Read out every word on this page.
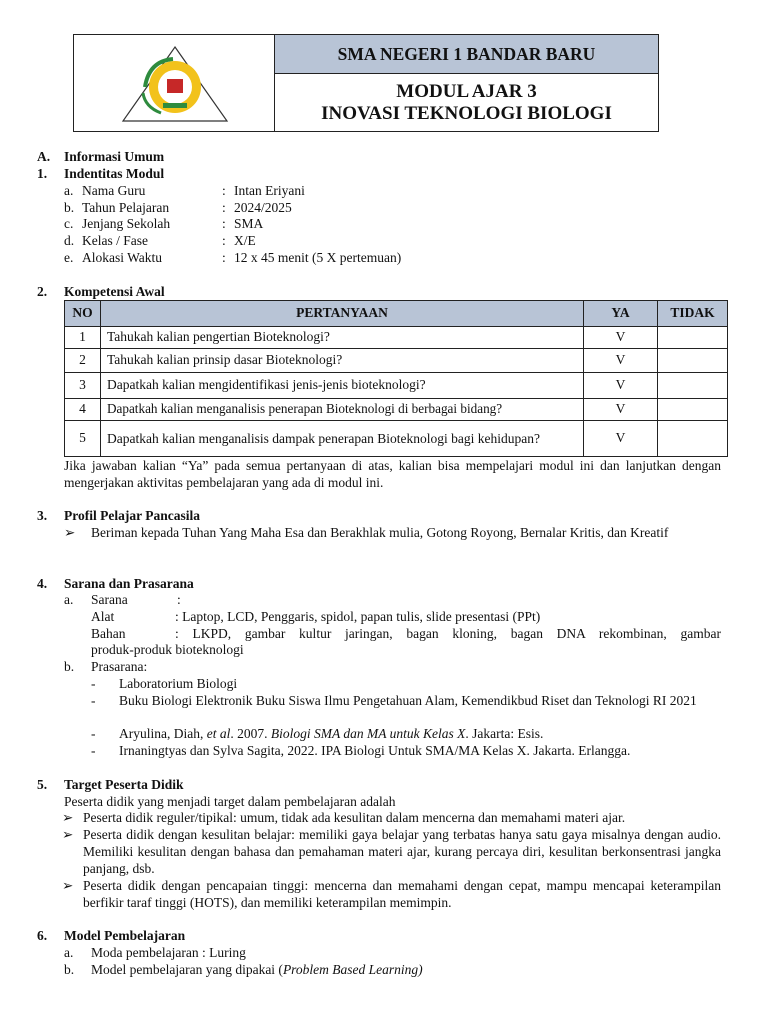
SMA NEGERI 1 BANDAR BARU
MODUL AJAR 3
INOVASI TEKNOLOGI BIOLOGI
A. Informasi Umum
1. Indentitas Modul
a. Nama Guru	: Intan Eriyani
b. Tahun Pelajaran	: 2024/2025
c. Jenjang Sekolah	: SMA
d. Kelas / Fase	: X/E
e. Alokasi Waktu	: 12 x 45 menit (5 X pertemuan)
2. Kompetensi Awal
NO	PERTANYAAN	YA	TIDAK
1	Tahukah kalian pengertian Bioteknologi?	V	
2	Tahukah kalian prinsip dasar Bioteknologi?	V	
3	Dapatkah kalian mengidentifikasi jenis-jenis bioteknologi?	V	
4	Dapatkah kalian menganalisis penerapan Bioteknologi di berbagai bidang?	V	
5	Dapatkah kalian menganalisis dampak penerapan Bioteknologi bagi kehidupan?	V	
Jika jawaban kalian “Ya” pada semua pertanyaan di atas, kalian bisa mempelajari modul ini dan lanjutkan dengan mengerjakan aktivitas pembelajaran yang ada di modul ini.
3. Profil Pelajar Pancasila
➢ Beriman kepada Tuhan Yang Maha Esa dan Berakhlak mulia, Gotong Royong, Bernalar Kritis, dan Kreatif
4. Sarana dan Prasarana
a. Sarana	:
Alat	: Laptop, LCD, Penggaris, spidol, papan tulis, slide presentasi (PPt)
Bahan	: LKPD, gambar kultur jaringan, bagan kloning, bagan DNA rekombinan, gambar
produk-produk bioteknologi
b. Prasarana:
- Laboratorium Biologi
- Buku Biologi Elektronik Buku Siswa Ilmu Pengetahuan Alam, Kemendikbud Riset dan Teknologi RI 2021
- Aryulina, Diah, et al. 2007. Biologi SMA dan MA untuk Kelas X. Jakarta: Esis.
- Irnaningtyas dan Sylva Sagita, 2022. IPA Biologi Untuk SMA/MA Kelas X. Jakarta. Erlangga.
5. Target Peserta Didik
Peserta didik yang menjadi target dalam pembelajaran adalah
➢ Peserta didik reguler/tipikal: umum, tidak ada kesulitan dalam mencerna dan memahami materi ajar.
➢ Peserta didik dengan kesulitan belajar: memiliki gaya belajar yang terbatas hanya satu gaya misalnya dengan audio. Memiliki kesulitan dengan bahasa dan pemahaman materi ajar, kurang percaya diri, kesulitan berkonsentrasi jangka panjang, dsb.
➢ Peserta didik dengan pencapaian tinggi: mencerna dan memahami dengan cepat, mampu mencapai keterampilan berfikir taraf tinggi (HOTS), dan memiliki keterampilan memimpin.
6. Model Pembelajaran
a. Moda pembelajaran : Luring
b. Model pembelajaran yang dipakai (Problem Based Learning)
